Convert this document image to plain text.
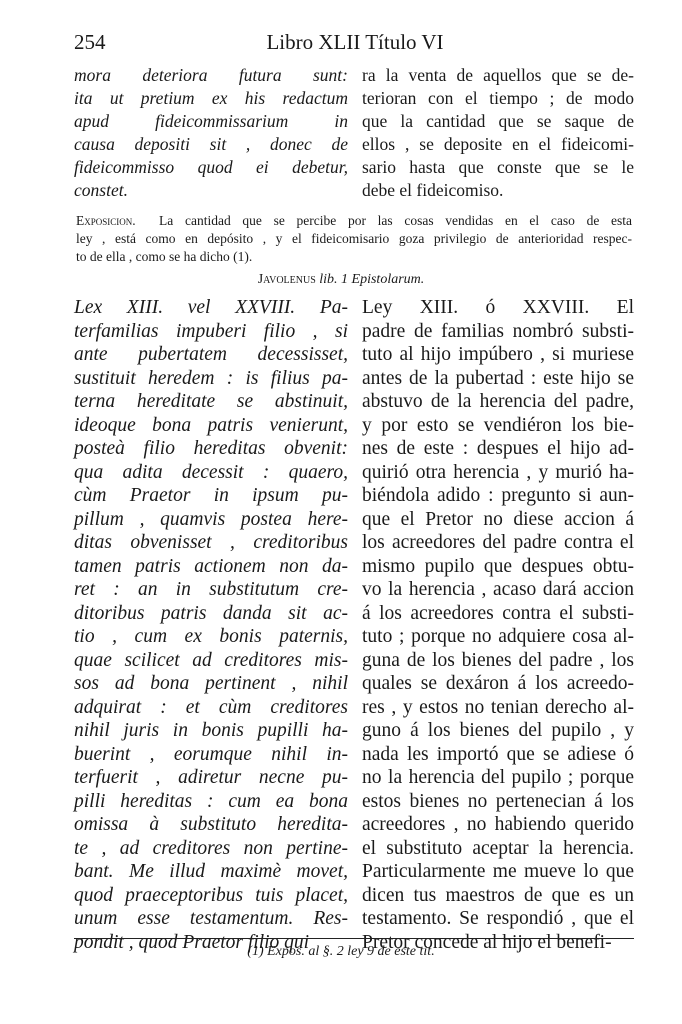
254	Libro XLII Título VI
mora deteriora futura sunt:
ita ut pretium ex his redactum
apud fideicommissarium in
causa depositi sit , donec de
fideicommisso quod ei debetur,
constet.
ra la venta de aquellos que se de-
terioran con el tiempo ; de modo
que la cantidad que se saque de
ellos , se deposite en el fideicomi-
sario hasta que conste que se le
debe el fideicomiso.
Exposicion. La cantidad que se percibe por las cosas vendidas en el caso de esta
ley , está como en depósito , y el fideicomisario goza privilegio de anterioridad respec-
to de ella , como se ha dicho (1).
Javolenus lib. 1 Epistolarum.
Lex XIII. vel XXVIII. Pa-
terfamilias impuberi filio , si
ante pubertatem decessisset,
sustituit heredem : is filius pa-
terna hereditate se abstinuit,
ideoque bona patris venierunt,
posteà filio hereditas obvenit:
qua adita decessit : quaero,
cùm Praetor in ipsum pu-
pillum , quamvis postea here-
ditas obvenisset , creditoribus
tamen patris actionem non da-
ret : an in substitutum cre-
ditoribus patris danda sit ac-
tio , cum ex bonis paternis,
quae scilicet ad creditores mis-
sos ad bona pertinent , nihil
adquirat : et cùm creditores
nihil juris in bonis pupilli ha-
buerint , eorumque nihil in-
terfuerit , adiretur necne pu-
pilli hereditas : cum ea bona
omissa à substituto heredita-
te , ad creditores non pertine-
bant. Me illud maximè movet,
quod praeceptoribus tuis placet,
unum esse testamentum. Res-
pondit , quod Praetor filio qui
Ley XIII. ó XXVIII. El
padre de familias nombró substi-
tuto al hijo impúbero , si muriese
antes de la pubertad : este hijo se
abstuvo de la herencia del padre,
y por esto se vendiéron los bie-
nes de este : despues el hijo ad-
quirió otra herencia , y murió ha-
biéndola adido : pregunto si aun-
que el Pretor no diese accion á
los acreedores del padre contra el
mismo pupilo que despues obtu-
vo la herencia , acaso dará accion
á los acreedores contra el substi-
tuto ; porque no adquiere cosa al-
guna de los bienes del padre , los
quales se dexáron á los acreedo-
res , y estos no tenian derecho al-
guno á los bienes del pupilo , y
nada les importó que se adiese ó
no la herencia del pupilo ; porque
estos bienes no pertenecian á los
acreedores , no habiendo querido
el substituto aceptar la herencia.
Particularmente me mueve lo que
dicen tus maestros de que es un
testamento. Se respondió , que el
Pretor concede al hijo el benefi-
(1) Expos. al §. 2 ley 9 de este tit.
